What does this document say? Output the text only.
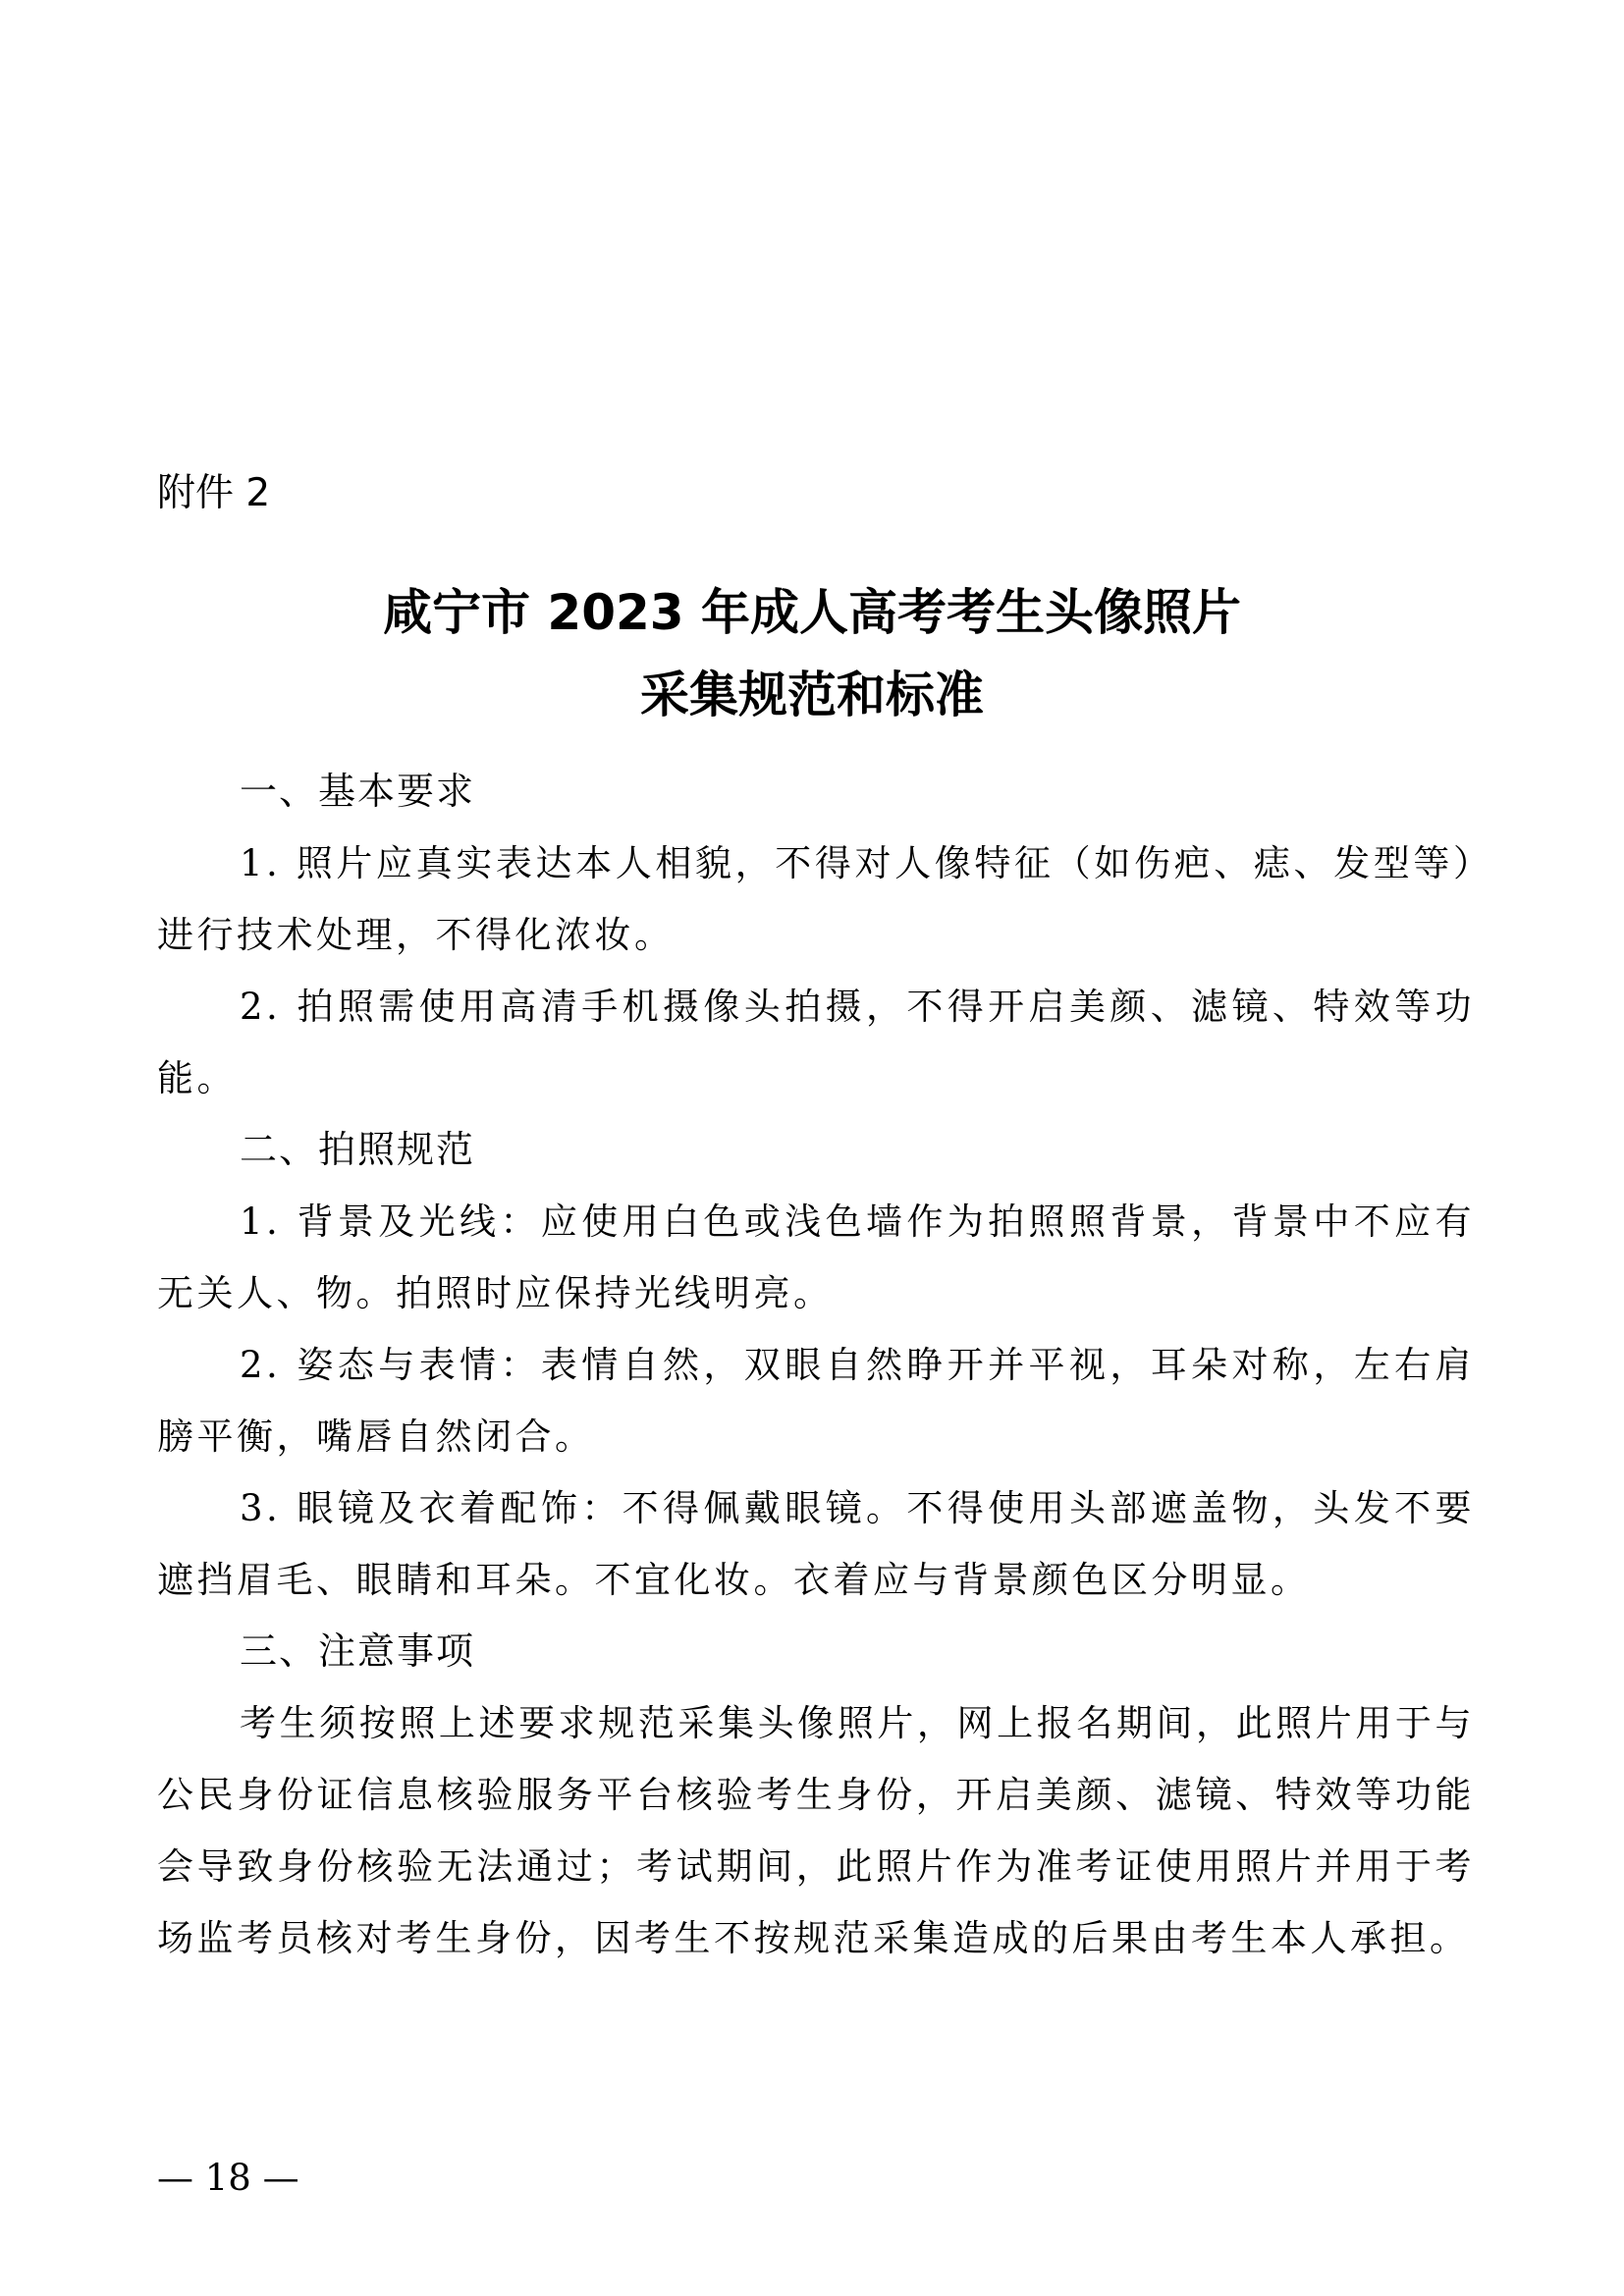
附件 2
咸宁市 2023 年成人高考考生头像照片
采集规范和标准
一、基本要求

1. 照片应真实表达本人相貌，不得对人像特征（如伤疤、痣、发型等）进行技术处理，不得化浓妆。

2. 拍照需使用高清手机摄像头拍摄，不得开启美颜、滤镜、特效等功能。

二、拍照规范

1. 背景及光线：应使用白色或浅色墙作为拍照照背景，背景中不应有无关人、物。拍照时应保持光线明亮。

2. 姿态与表情：表情自然，双眼自然睁开并平视，耳朵对称，左右肩膀平衡，嘴唇自然闭合。

3. 眼镜及衣着配饰：不得佩戴眼镜。不得使用头部遮盖物，头发不要遮挡眉毛、眼睛和耳朵。不宜化妆。衣着应与背景颜色区分明显。

三、注意事项

考生须按照上述要求规范采集头像照片，网上报名期间，此照片用于与公民身份证信息核验服务平台核验考生身份，开启美颜、滤镜、特效等功能会导致身份核验无法通过；考试期间，此照片作为准考证使用照片并用于考场监考员核对考生身份，因考生不按规范采集造成的后果由考生本人承担。

— 18 —
